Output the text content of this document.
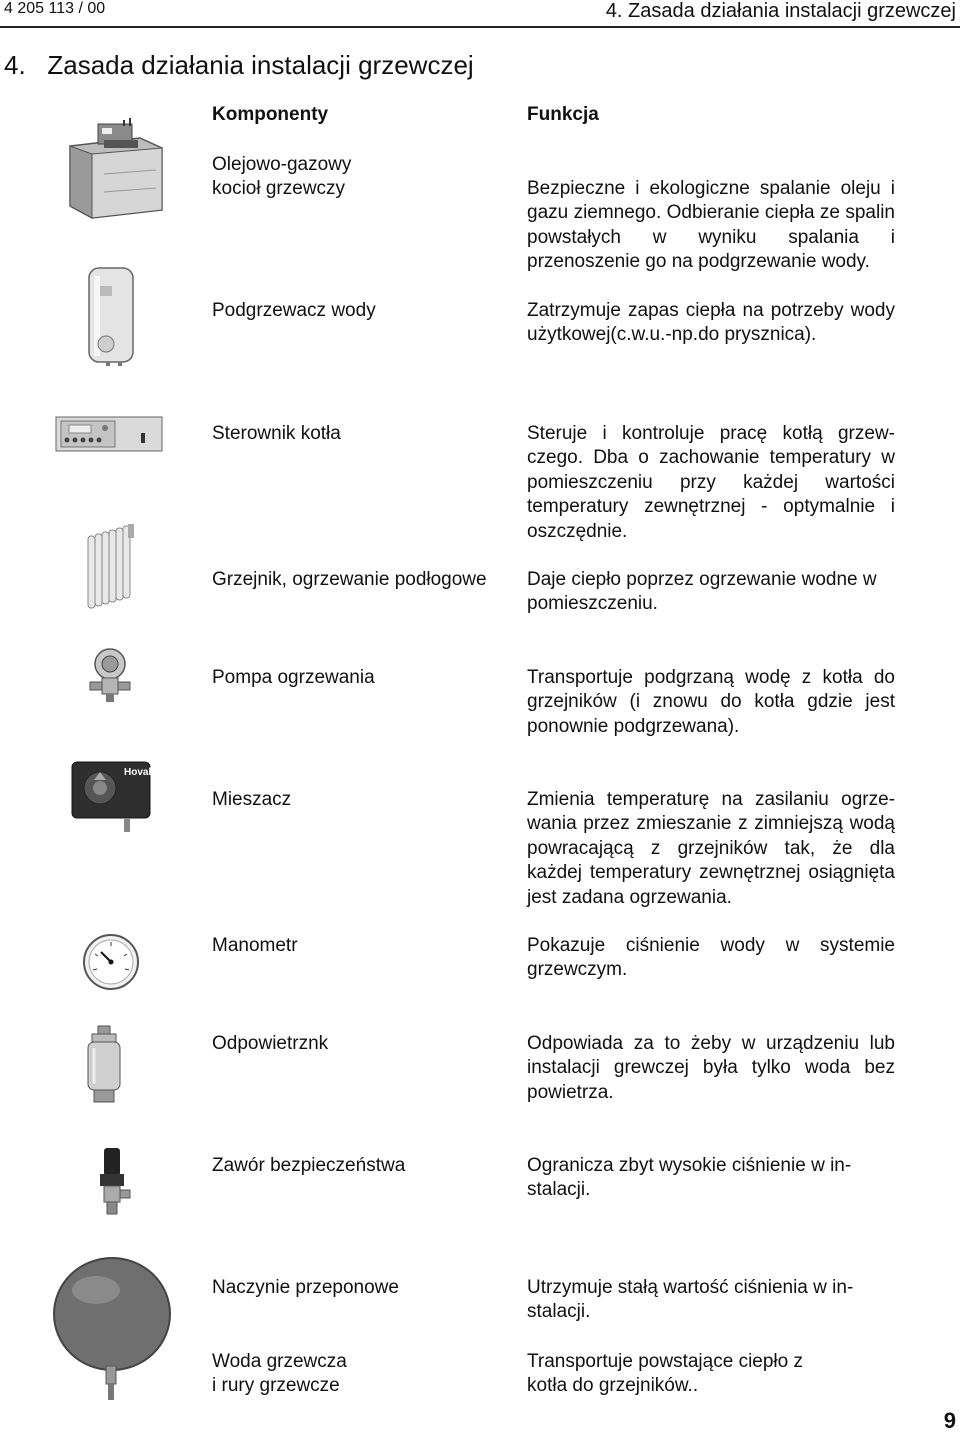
4 205 113 / 00	4. Zasada działania instalacji grzewczej
4.   Zasada działania instalacji grzewczej
Komponenty	Funkcja
Hoval
Olejowo-gazowy
kocioł grzewczy
Podgrzewacz wody
Sterownik kotła
Grzejnik, ogrzewanie podłogowe
Pompa ogrzewania
Mieszacz
Manometr
Odpowietrznk
Zawór bezpieczeństwa
Naczynie przeponowe
Woda grzewcza
i rury grzewcze
Bezpieczne i ekologiczne spalanie oleju i gazu ziemnego. Odbieranie ciepła ze spalin powstałych w wyniku spalania i przenoszenie go na podgrzewanie wody.
Zatrzymuje zapas ciepła na potrzeby wody użytkowej(c.w.u.-np.do prysznica).
Steruje i kontroluje pracę kotłą grzew-czego. Dba o zachowanie temperatury w pomieszczeniu przy każdej wartości temperatury zewnętrznej - optymalnie i oszczędnie.
Daje ciepło poprzez ogrzewanie wodne w pomieszczeniu.
Transportuje podgrzaną wodę z kotła do grzejników (i znowu do kotła gdzie jest ponownie podgrzewana).
Zmienia temperaturę na zasilaniu ogrze-wania przez zmieszanie z zimniejszą wodą powracającą z grzejników tak, że dla każdej temperatury zewnętrznej osiągnięta jest zadana ogrzewania.
Pokazuje ciśnienie wody w systemie grzewczym.
Odpowiada za to żeby w urządzeniu lub instalacji grewczej była tylko woda bez powietrza.
Ogranicza zbyt wysokie ciśnienie w in-stalacji.
Utrzymuje stałą wartość ciśnienia w in-stalacji.
Transportuje powstające ciepło z
kotła do grzejników..
9
